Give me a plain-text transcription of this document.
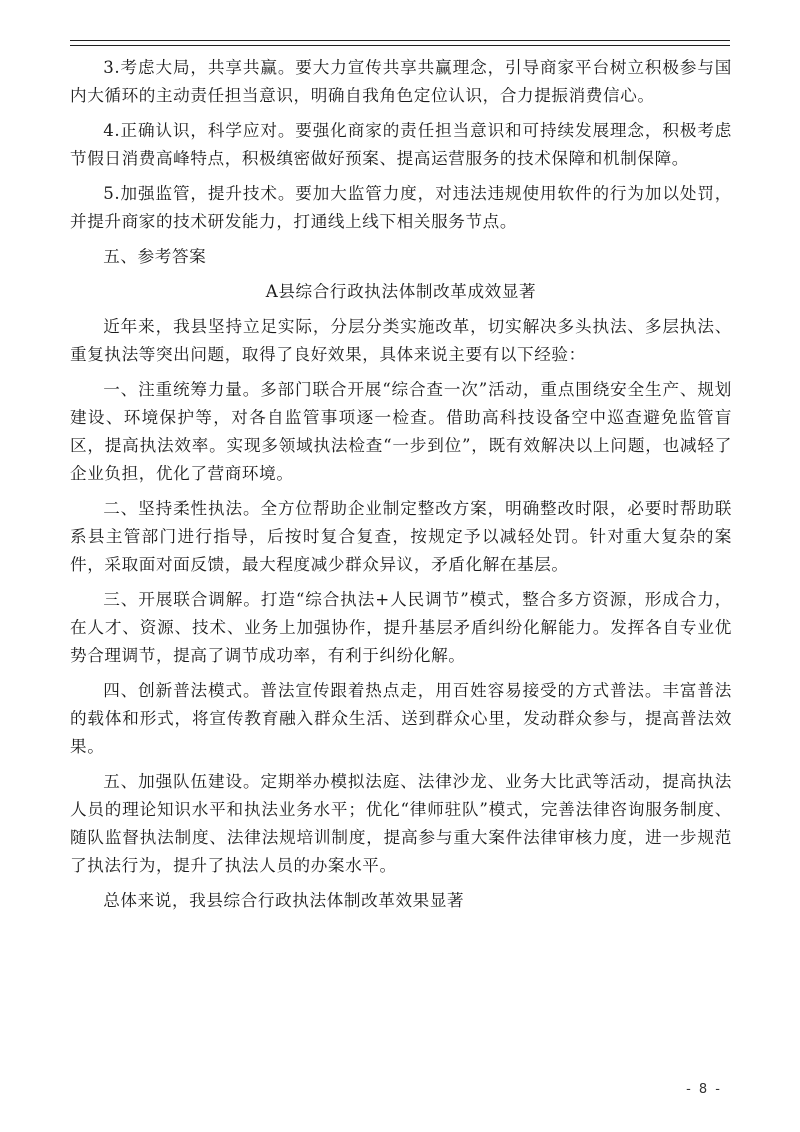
3.考虑大局，共享共赢。要大力宣传共享共赢理念，引导商家平台树立积极参与国内大循环的主动责任担当意识，明确自我角色定位认识，合力提振消费信心。

4.正确认识，科学应对。要强化商家的责任担当意识和可持续发展理念，积极考虑节假日消费高峰特点，积极缜密做好预案、提高运营服务的技术保障和机制保障。

5.加强监管，提升技术。要加大监管力度，对违法违规使用软件的行为加以处罚，并提升商家的技术研发能力，打通线上线下相关服务节点。

五、参考答案

A县综合行政执法体制改革成效显著

近年来，我县坚持立足实际，分层分类实施改革，切实解决多头执法、多层执法、重复执法等突出问题，取得了良好效果，具体来说主要有以下经验：

一、注重统筹力量。多部门联合开展“综合查一次”活动，重点围绕安全生产、规划建设、环境保护等，对各自监管事项逐一检查。借助高科技设备空中巡查避免监管盲区，提高执法效率。实现多领域执法检查“一步到位”，既有效解决以上问题，也减轻了企业负担，优化了营商环境。

二、坚持柔性执法。全方位帮助企业制定整改方案，明确整改时限，必要时帮助联系县主管部门进行指导，后按时复合复查，按规定予以减轻处罚。针对重大复杂的案件，采取面对面反馈，最大程度减少群众异议，矛盾化解在基层。

三、开展联合调解。打造“综合执法+人民调节”模式，整合多方资源，形成合力，在人才、资源、技术、业务上加强协作，提升基层矛盾纠纷化解能力。发挥各自专业优势合理调节，提高了调节成功率，有利于纠纷化解。

四、创新普法模式。普法宣传跟着热点走，用百姓容易接受的方式普法。丰富普法的载体和形式，将宣传教育融入群众生活、送到群众心里，发动群众参与，提高普法效果。

五、加强队伍建设。定期举办模拟法庭、法律沙龙、业务大比武等活动，提高执法人员的理论知识水平和执法业务水平；优化“律师驻队”模式，完善法律咨询服务制度、随队监督执法制度、法律法规培训制度，提高参与重大案件法律审核力度，进一步规范了执法行为，提升了执法人员的办案水平。

总体来说，我县综合行政执法体制改革效果显著

- 8 -
